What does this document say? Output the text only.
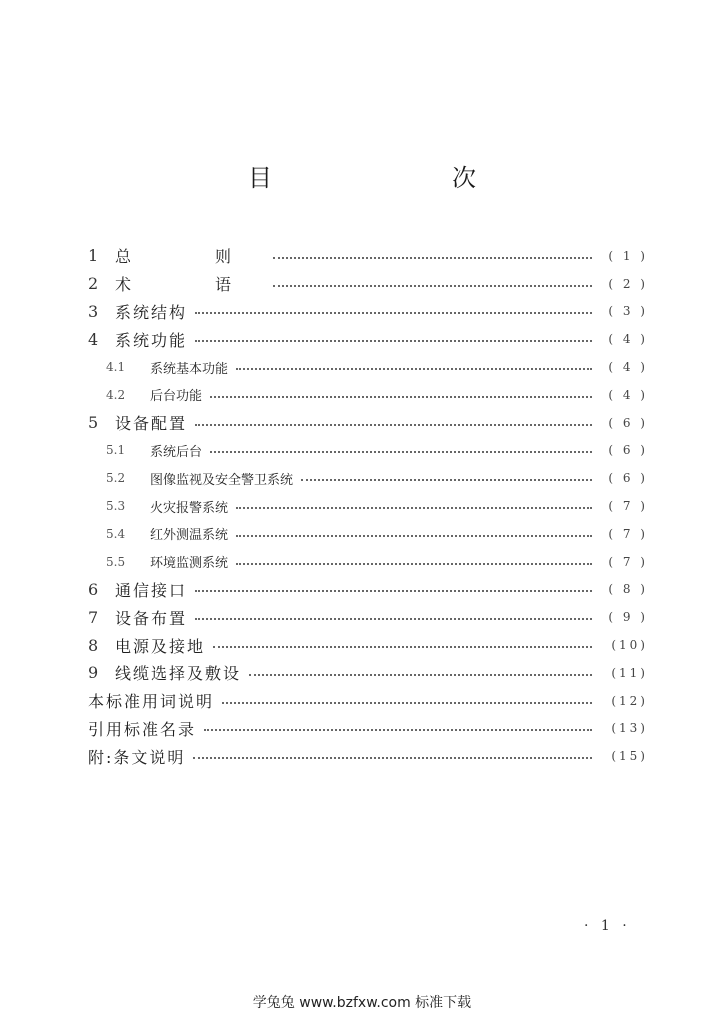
目　　次
1	总　则	( 1 )
2	术　语	( 2 )
3	系统结构	( 3 )
4	系统功能	( 4 )
4.1	系统基本功能	( 4 )
4.2	后台功能	( 4 )
5	设备配置	( 6 )
5.1	系统后台	( 6 )
5.2	图像监视及安全警卫系统	( 6 )
5.3	火灾报警系统	( 7 )
5.4	红外测温系统	( 7 )
5.5	环境监测系统	( 7 )
6	通信接口	( 8 )
7	设备布置	( 9 )
8	电源及接地	(10)
9	线缆选择及敷设	(11)
本标准用词说明	(12)
引用标准名录	(13)
附:条文说明	(15)
· 1 ·
学兔兔 www.bzfxw.com 标准下载
